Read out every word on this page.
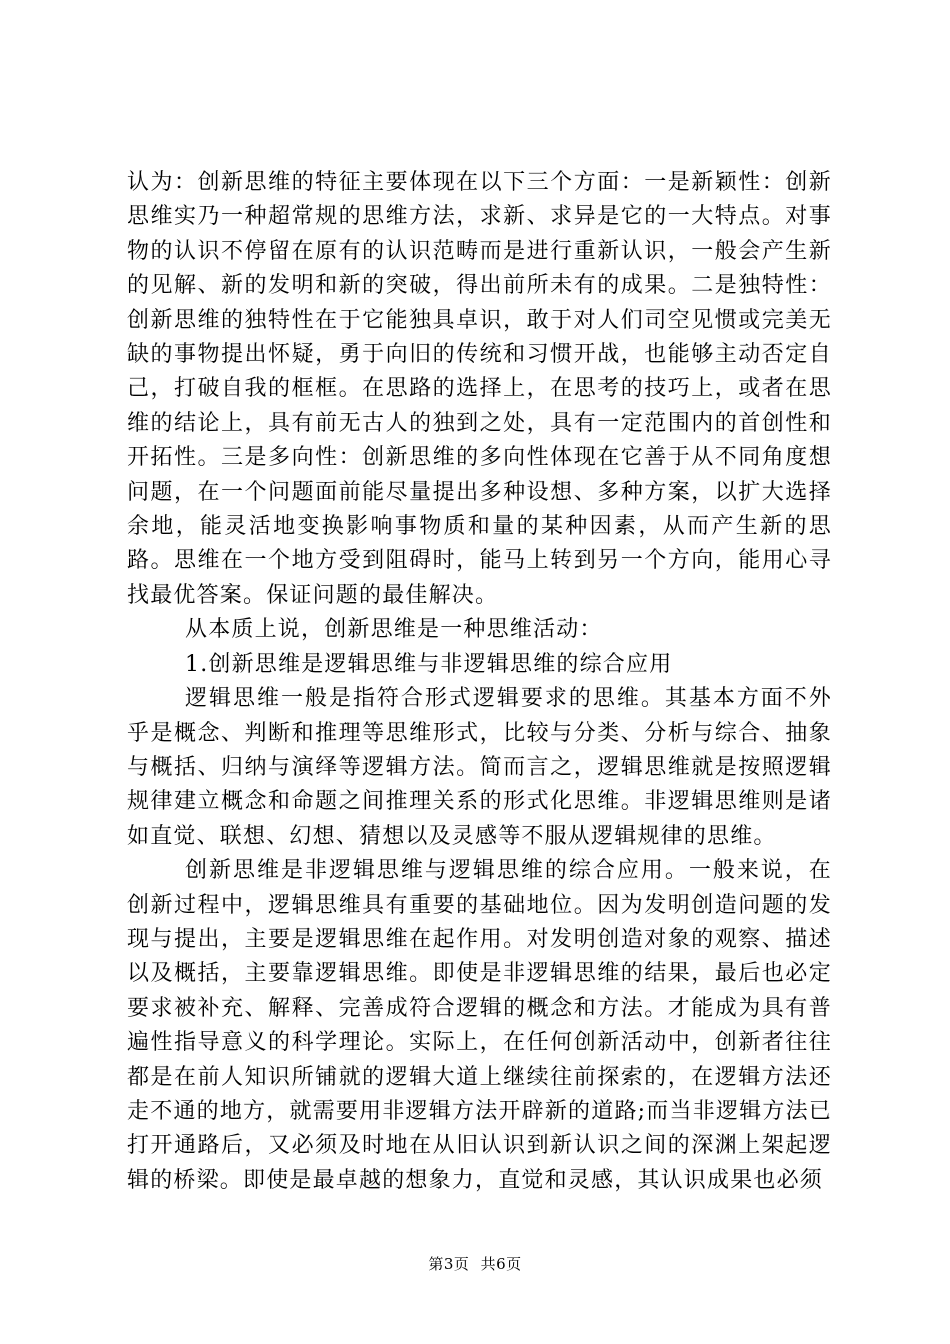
认为：创新思维的特征主要体现在以下三个方面：一是新颖性：创新思维实乃一种超常规的思维方法，求新、求异是它的一大特点。对事物的认识不停留在原有的认识范畴而是进行重新认识，一般会产生新的见解、新的发明和新的突破，得出前所未有的成果。二是独特性：创新思维的独特性在于它能独具卓识，敢于对人们司空见惯或完美无缺的事物提出怀疑，勇于向旧的传统和习惯开战，也能够主动否定自己，打破自我的框框。在思路的选择上，在思考的技巧上，或者在思维的结论上，具有前无古人的独到之处，具有一定范围内的首创性和开拓性。三是多向性：创新思维的多向性体现在它善于从不同角度想问题，在一个问题面前能尽量提出多种设想、多种方案，以扩大选择余地，能灵活地变换影响事物质和量的某种因素，从而产生新的思路。思维在一个地方受到阻碍时，能马上转到另一个方向，能用心寻找最优答案。保证问题的最佳解决。

从本质上说，创新思维是一种思维活动：

1.创新思维是逻辑思维与非逻辑思维的综合应用

逻辑思维一般是指符合形式逻辑要求的思维。其基本方面不外乎是概念、判断和推理等思维形式，比较与分类、分析与综合、抽象与概括、归纳与演绎等逻辑方法。简而言之，逻辑思维就是按照逻辑规律建立概念和命题之间推理关系的形式化思维。非逻辑思维则是诸如直觉、联想、幻想、猜想以及灵感等不服从逻辑规律的思维。

创新思维是非逻辑思维与逻辑思维的综合应用。一般来说，在创新过程中，逻辑思维具有重要的基础地位。因为发明创造问题的发现与提出，主要是逻辑思维在起作用。对发明创造对象的观察、描述以及概括，主要靠逻辑思维。即使是非逻辑思维的结果，最后也必定要求被补充、解释、完善成符合逻辑的概念和方法。才能成为具有普遍性指导意义的科学理论。实际上，在任何创新活动中，创新者往往都是在前人知识所铺就的逻辑大道上继续往前探索的，在逻辑方法还走不通的地方，就需要用非逻辑方法开辟新的道路;而当非逻辑方法已打开通路后，又必须及时地在从旧认识到新认识之间的深渊上架起逻辑的桥梁。即使是最卓越的想象力，直觉和灵感，其认识成果也必须

第3页 共6页
